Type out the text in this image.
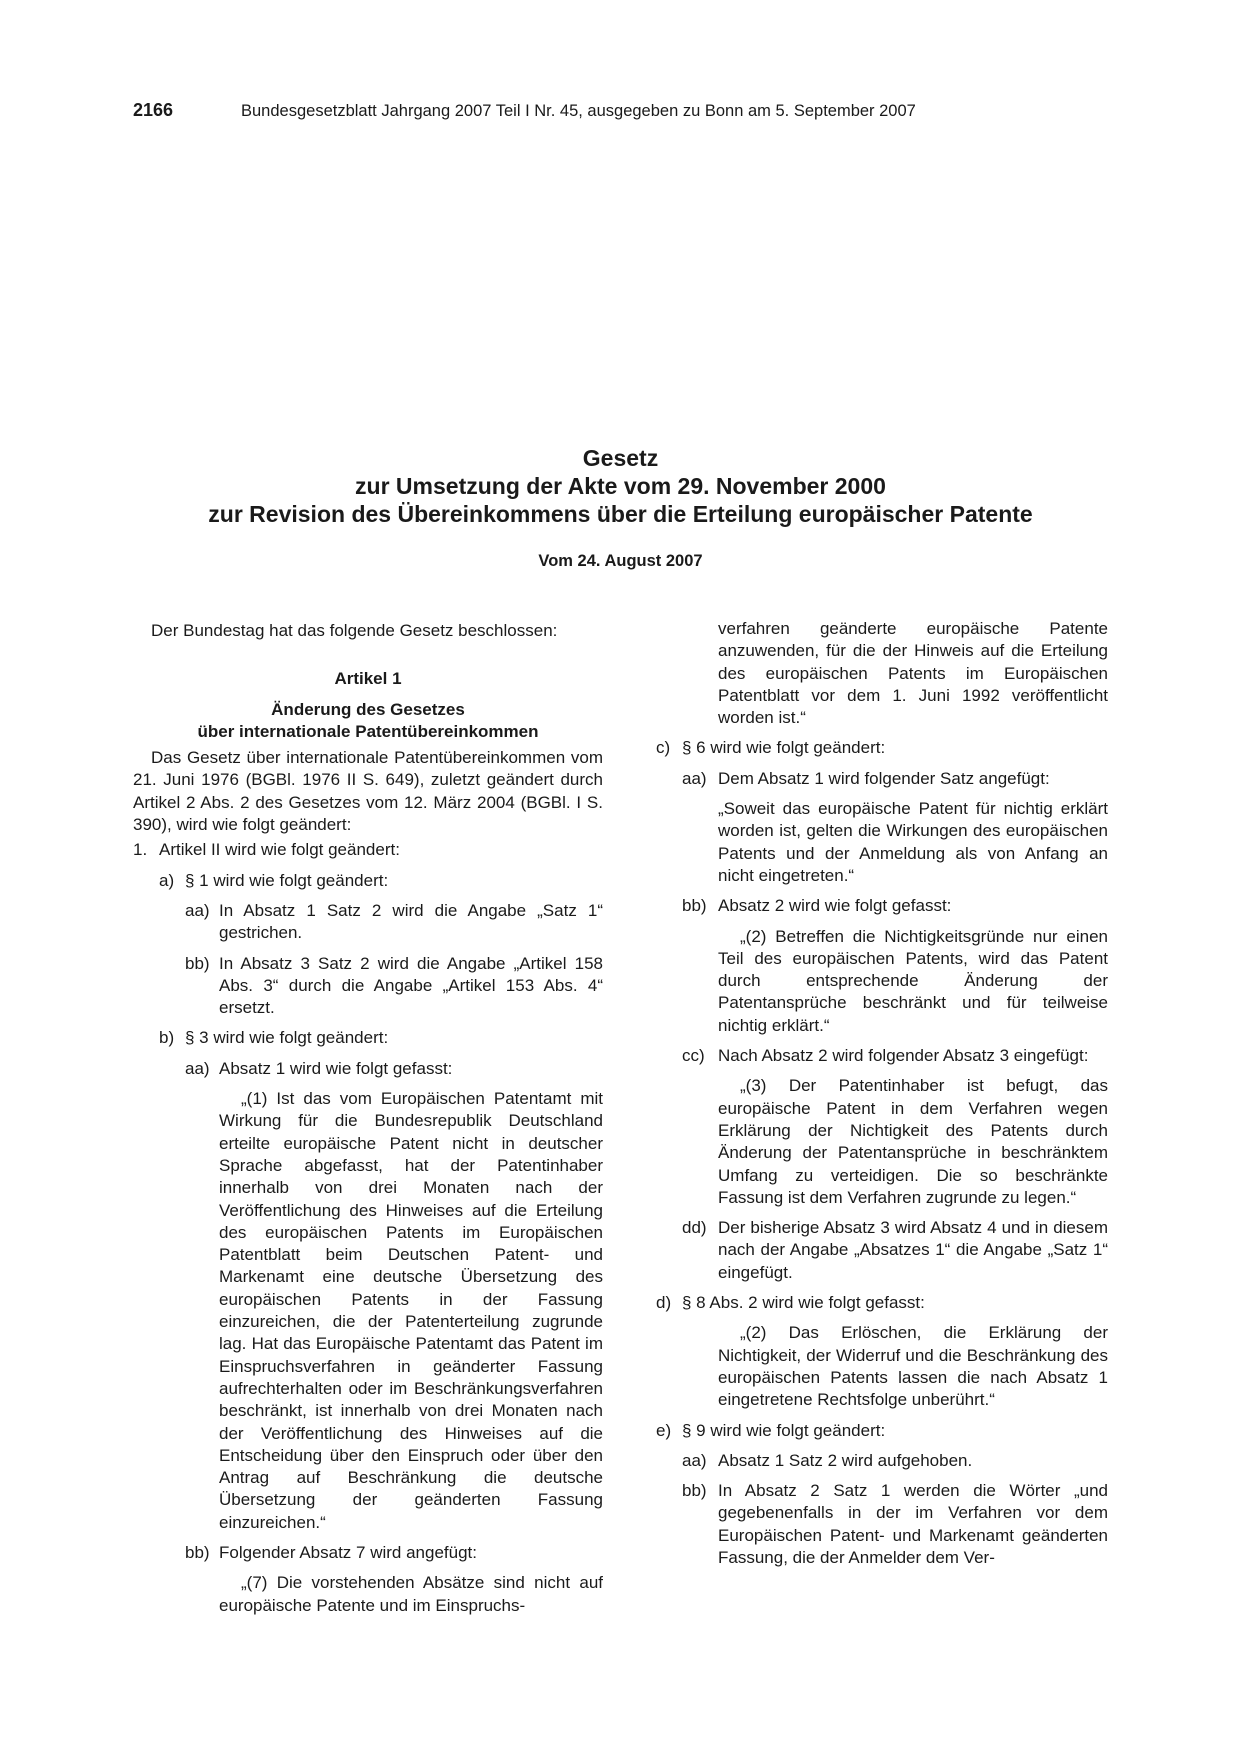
2166	Bundesgesetzblatt Jahrgang 2007 Teil I Nr. 45, ausgegeben zu Bonn am 5. September 2007
Gesetz
zur Umsetzung der Akte vom 29. November 2000
zur Revision des Übereinkommens über die Erteilung europäischer Patente
Vom 24. August 2007

Der Bundestag hat das folgende Gesetz beschlossen:

Artikel 1

Änderung des Gesetzes

über internationale Patentübereinkommen

Das Gesetz über internationale Patentübereinkommen vom 21. Juni 1976 (BGBl. 1976 II S. 649), zuletzt geändert durch Artikel 2 Abs. 2 des Gesetzes vom 12. März 2004 (BGBl. I S. 390), wird wie folgt geändert:

1. Artikel II wird wie folgt geändert:
a) § 1 wird wie folgt geändert:
aa) In Absatz 1 Satz 2 wird die Angabe „Satz 1“ gestrichen.
bb) In Absatz 3 Satz 2 wird die Angabe „Artikel 158 Abs. 3“ durch die Angabe „Artikel 153 Abs. 4“ ersetzt.
b) § 3 wird wie folgt geändert:
aa) Absatz 1 wird wie folgt gefasst:

„(1) Ist das vom Europäischen Patentamt mit Wirkung für die Bundesrepublik Deutschland erteilte europäische Patent nicht in deutscher Sprache abgefasst, hat der Patentinhaber innerhalb von drei Monaten nach der Veröffentlichung des Hinweises auf die Erteilung des europäischen Patents im Europäischen Patentblatt beim Deutschen Patent- und Markenamt eine deutsche Übersetzung des europäischen Patents in der Fassung einzureichen, die der Patenterteilung zugrunde lag. Hat das Europäische Patentamt das Patent im Einspruchsverfahren in geänderter Fassung aufrechterhalten oder im Beschränkungsverfahren beschränkt, ist innerhalb von drei Monaten nach der Veröffentlichung des Hinweises auf die Entscheidung über den Einspruch oder über den Antrag auf Beschränkung die deutsche Übersetzung der geänderten Fassung einzureichen.“

bb) Folgender Absatz 7 wird angefügt:

„(7) Die vorstehenden Absätze sind nicht auf europäische Patente und im Einspruchs-

verfahren geänderte europäische Patente anzuwenden, für die der Hinweis auf die Erteilung des europäischen Patents im Europäischen Patentblatt vor dem 1. Juni 1992 veröffentlicht worden ist.“

c) § 6 wird wie folgt geändert:
aa) Dem Absatz 1 wird folgender Satz angefügt:

„Soweit das europäische Patent für nichtig erklärt worden ist, gelten die Wirkungen des europäischen Patents und der Anmeldung als von Anfang an nicht eingetreten.“

bb) Absatz 2 wird wie folgt gefasst:

„(2) Betreffen die Nichtigkeitsgründe nur einen Teil des europäischen Patents, wird das Patent durch entsprechende Änderung der Patentansprüche beschränkt und für teilweise nichtig erklärt.“

cc) Nach Absatz 2 wird folgender Absatz 3 eingefügt:

„(3) Der Patentinhaber ist befugt, das europäische Patent in dem Verfahren wegen Erklärung der Nichtigkeit des Patents durch Änderung der Patentansprüche in beschränktem Umfang zu verteidigen. Die so beschränkte Fassung ist dem Verfahren zugrunde zu legen.“

dd) Der bisherige Absatz 3 wird Absatz 4 und in diesem nach der Angabe „Absatzes 1“ die Angabe „Satz 1“ eingefügt.
d) § 8 Abs. 2 wird wie folgt gefasst:

„(2) Das Erlöschen, die Erklärung der Nichtigkeit, der Widerruf und die Beschränkung des europäischen Patents lassen die nach Absatz 1 eingetretene Rechtsfolge unberührt.“

e) § 9 wird wie folgt geändert:
aa) Absatz 1 Satz 2 wird aufgehoben.
bb) In Absatz 2 Satz 1 werden die Wörter „und gegebenenfalls in der im Verfahren vor dem Europäischen Patent- und Markenamt geänderten Fassung, die der Anmelder dem Ver-
